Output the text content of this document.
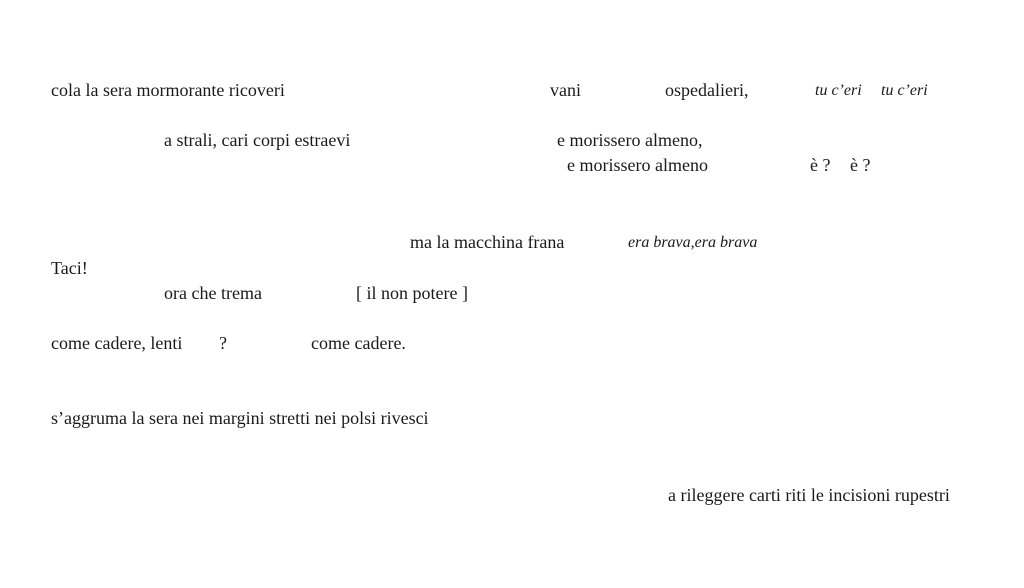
cola la sera mormorante ricoveri	vani	ospedalieri,	tu c’eri tu c’eri
a strali, cari corpi estraevi	e morissero almeno,
e morissero almeno	è ? è ?
ma la macchina frana	era brava,era brava
Taci!
ora che trema	[ il non potere ]
come cadere, lenti ?	come cadere.
s’aggruma la sera nei margini stretti nei polsi rivesci
a rileggere carti riti le incisioni rupestri
